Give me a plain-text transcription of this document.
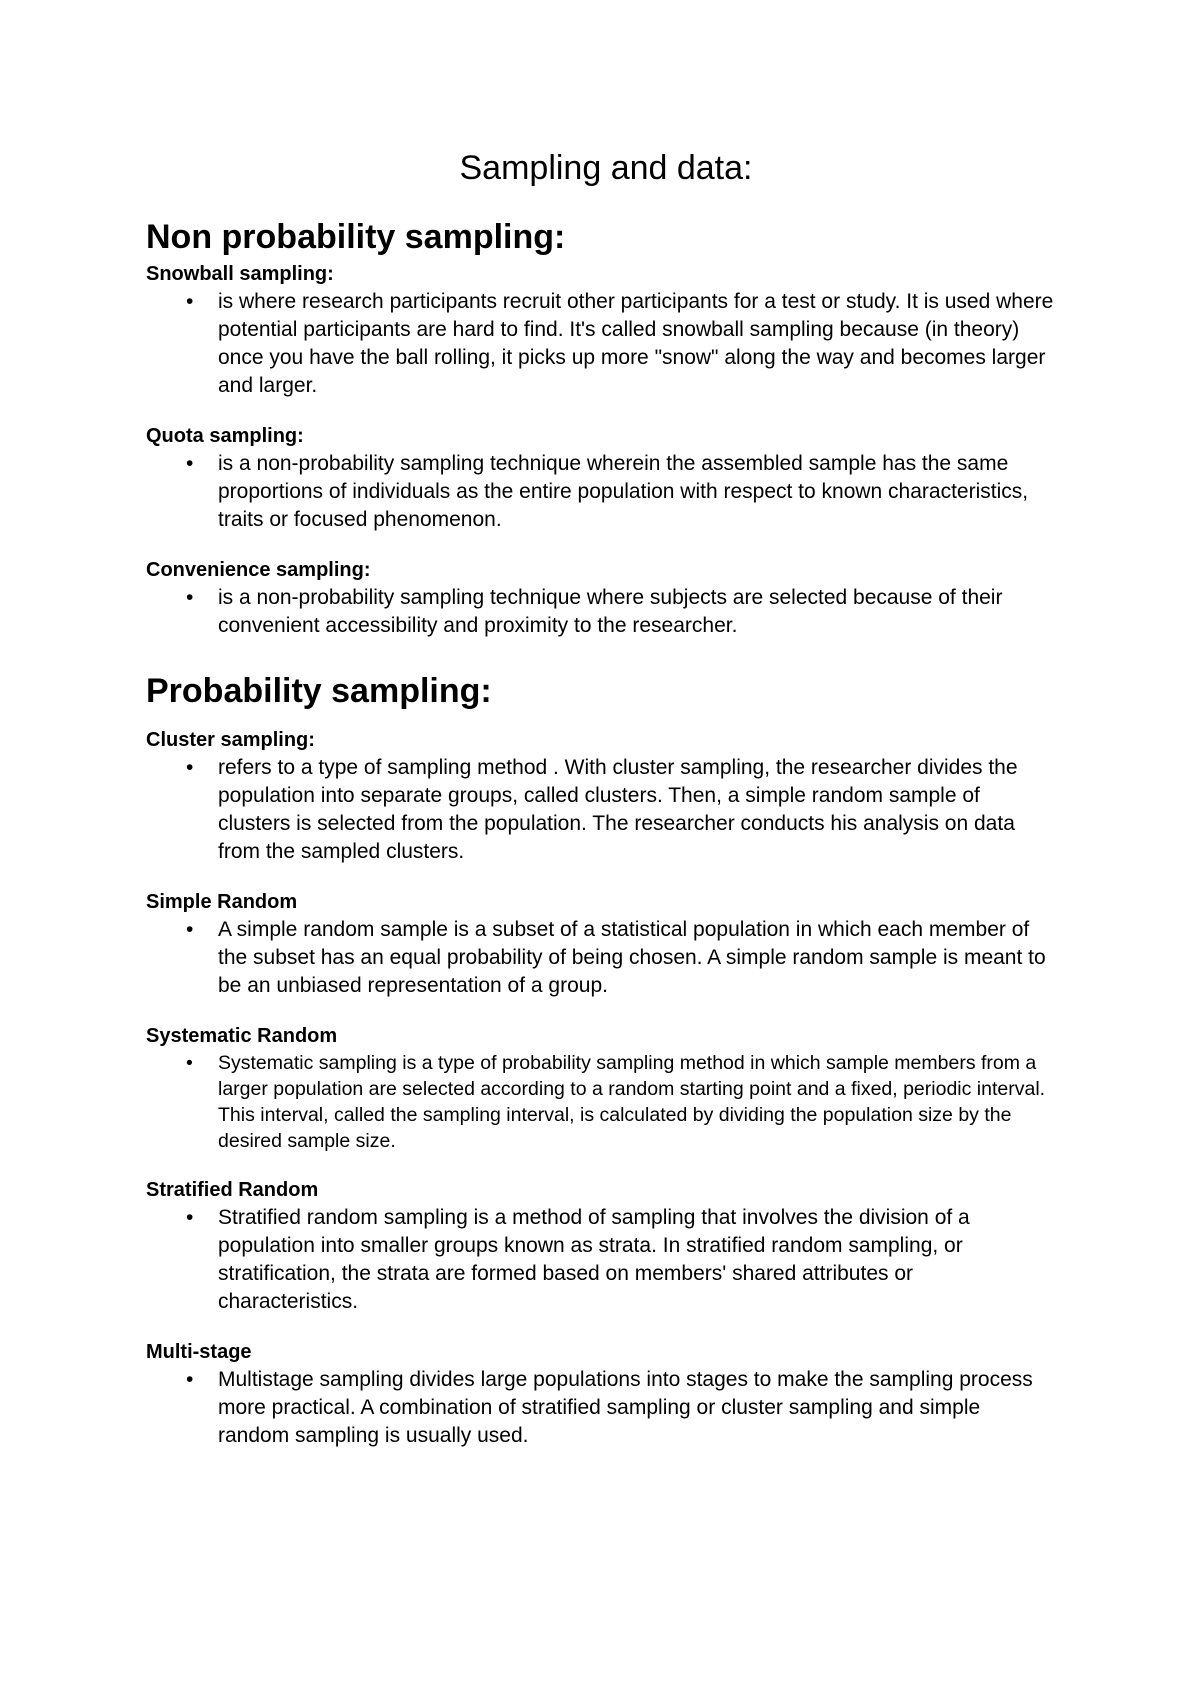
Sampling and data:
Non probability sampling:
Snowball sampling:
• is where research participants recruit other participants for a test or study. It is used where potential participants are hard to find. It's called snowball sampling because (in theory) once you have the ball rolling, it picks up more "snow" along the way and becomes larger and larger.
Quota sampling:
• is a non-probability sampling technique wherein the assembled sample has the same proportions of individuals as the entire population with respect to known characteristics, traits or focused phenomenon.
Convenience sampling:
• is a non-probability sampling technique where subjects are selected because of their convenient accessibility and proximity to the researcher.
Probability sampling:
Cluster sampling:
• refers to a type of sampling method . With cluster sampling, the researcher divides the population into separate groups, called clusters. Then, a simple random sample of clusters is selected from the population. The researcher conducts his analysis on data from the sampled clusters.
Simple Random
• A simple random sample is a subset of a statistical population in which each member of the subset has an equal probability of being chosen. A simple random sample is meant to be an unbiased representation of a group.
Systematic Random
• Systematic sampling is a type of probability sampling method in which sample members from a larger population are selected according to a random starting point and a fixed, periodic interval. This interval, called the sampling interval, is calculated by dividing the population size by the desired sample size.
Stratified Random
• Stratified random sampling is a method of sampling that involves the division of a population into smaller groups known as strata. In stratified random sampling, or stratification, the strata are formed based on members' shared attributes or characteristics.
Multi-stage
• Multistage sampling divides large populations into stages to make the sampling process more practical. A combination of stratified sampling or cluster sampling and simple random sampling is usually used.
